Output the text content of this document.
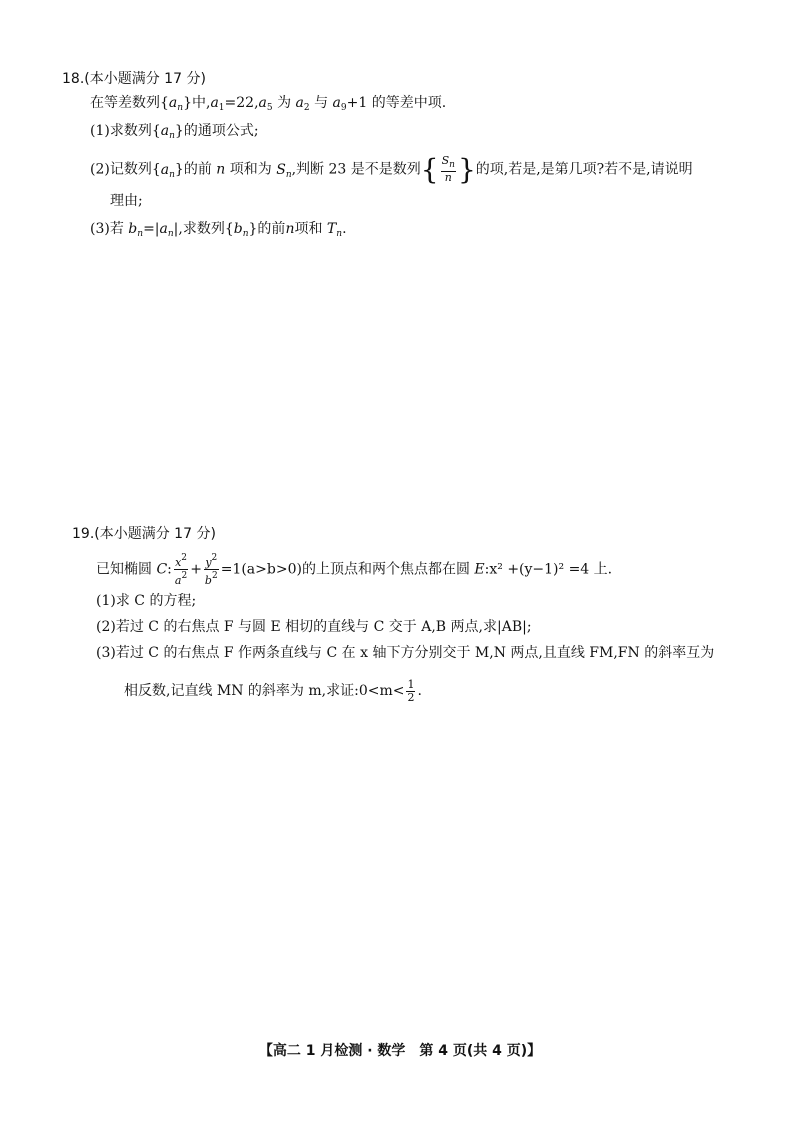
18.(本小题满分 17 分)
在等差数列$\{a_n\}$中$,a_1=22,a_5$ 为 $a_2$ 与 $a_9+1$ 的等差中项.
(1)求数列$\{a_n\}$的通项公式;
(2)记数列$\{a_n\}$的前 n 项和为 $S_n$,判断 23 是不是数列{ $\frac{S_n}{n}$ }的项,若是,是第几项?若不是,请说明
理由;
(3)若 $b_n=|a_n|$,求数列$\{b_n\}$的前n项和 $T_n$.
19.(本小题满分 17 分)
已知椭圆 C: $\frac{x^2}{a^2} + \frac{y^2}{b^2} =1(a>b>0)$的上顶点和两个焦点都在圆 E:x² +(y−1)² =4 上.
(1)求 C 的方程;
(2)若过 C 的右焦点 F 与圆 E 相切的直线与 C 交于 A,B 两点,求|AB|;
(3)若过 C 的右焦点 F 作两条直线与 C 在 x 轴下方分别交于 M,N 两点,且直线 FM,FN 的斜率互为
相反数,记直线 MN 的斜率为 m,求证:0<m< $\frac{1}{2}$ .
【高二 1 月检测 · 数学　第 4 页(共 4 页)】
